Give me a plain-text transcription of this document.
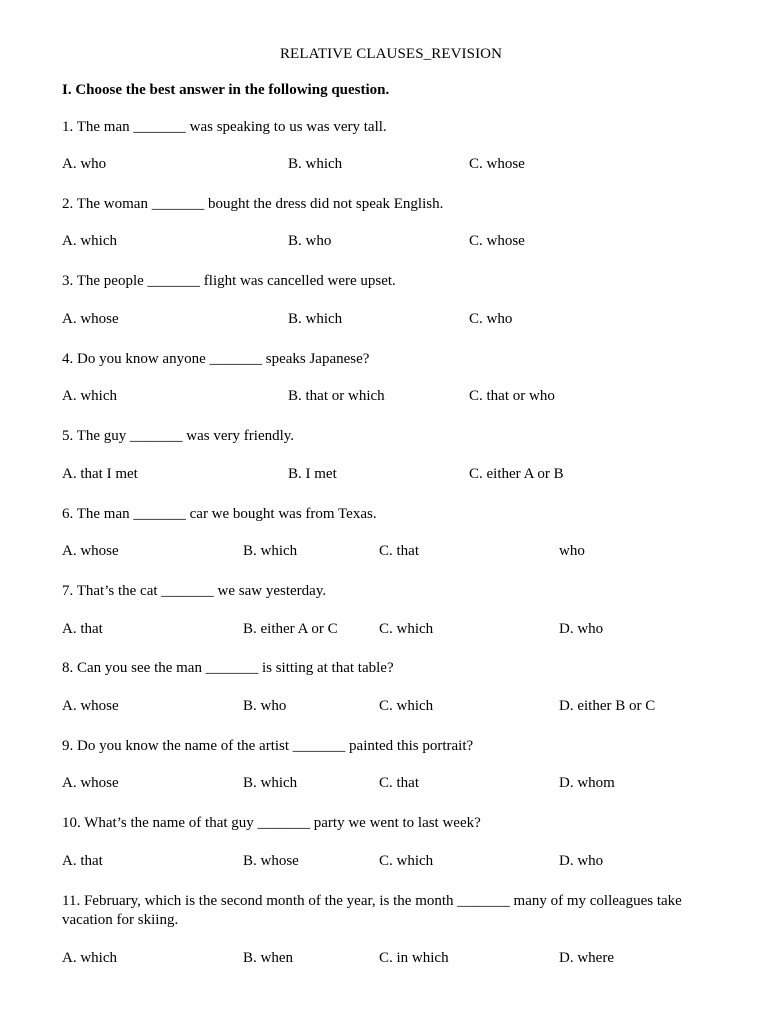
RELATIVE CLAUSES_REVISION
I. Choose the best answer in the following question.
1. The man _______ was speaking to us was very tall.
A. who	B. which	C. whose
2. The woman _______ bought the dress did not speak English.
A. which	B. who	C. whose
3. The people _______ flight was cancelled were upset.
A. whose	B. which	C. who
4. Do you know anyone _______ speaks Japanese?
A. which	B. that or which	C. that or who
5. The guy _______ was very friendly.
A. that I met	B. I met	C. either A or B
6. The man _______ car we bought was from Texas.
A. whose	B. which	C. that	who
7. That’s the cat _______ we saw yesterday.
A. that	B. either A or C	C. which	D. who
8. Can you see the man _______ is sitting at that table?
A. whose	B. who	C. which	D. either B or C
9. Do you know the name of the artist _______ painted this portrait?
A. whose	B. which	C. that	D. whom
10. What’s the name of that guy _______ party we went to last week?
A. that	B. whose	C. which	D. who
11. February, which is the second month of the year, is the month _______ many of my colleagues take vacation for skiing.
A. which	B. when	C. in which	D. where
